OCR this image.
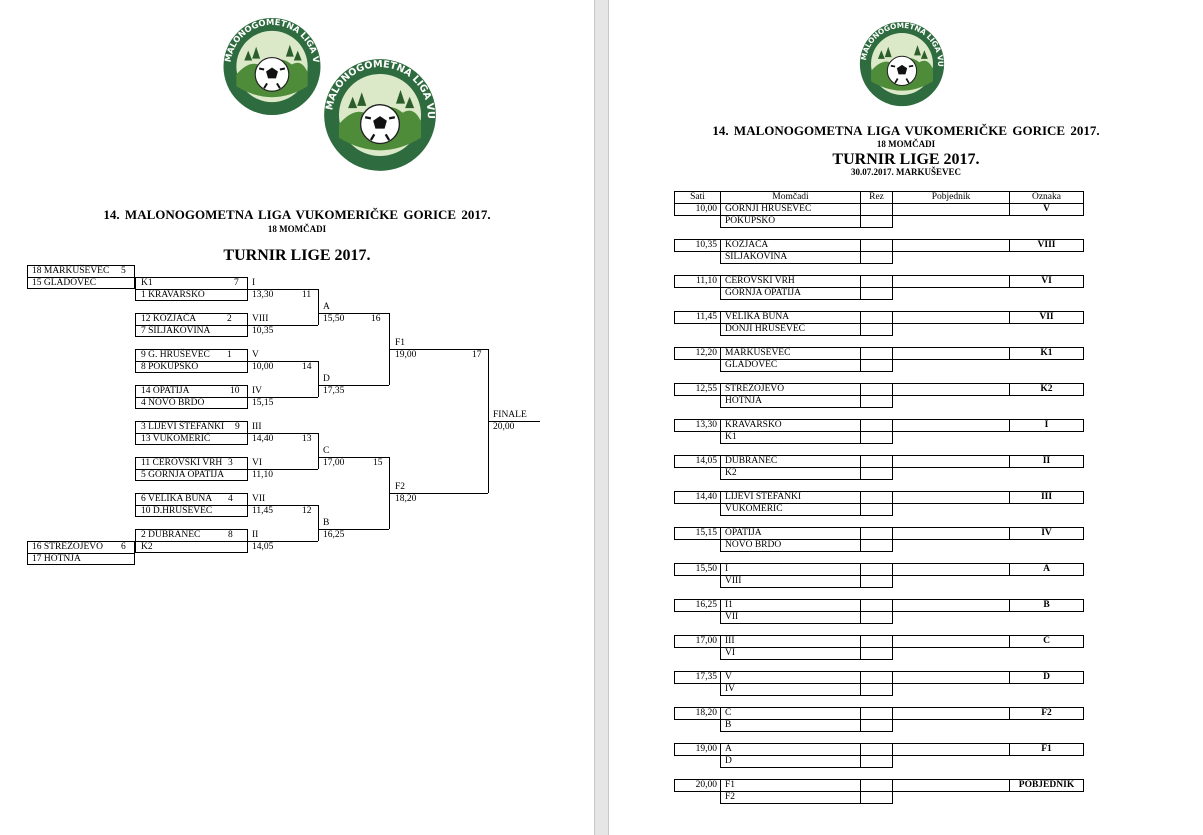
14. MALONOGOMETNA LIGA VUKOMERIČKE GORICE 2017.
18 MOMČADI
TURNIR LIGE 2017.
18 MARKUŠEVEC 5
15 GLADOVEC
16 STREZOJEVO 6
17 HOTNJA
K1	7
1 KRAVARSKO
12 KOZJAČA	2
7 ŠILJAKOVINA
9 G. HRUŠEVEC 1
8 POKUPSKO
14 OPATIJA	10
4 NOVO BRDO
3 LIJEVI ŠTEFANKI 9
13 VUKOMERIĆ
11 CEROVSKI VRH 3
5 GORNJA OPATIJA
6 VELIKA BUNA 4
10 D.HRUŠEVEC
2 DUBRANEC	8
K2
I
13,30	11
VIII
10,35
V
10,00	14
IV
15,15
III
14,40	13
VI
11,10
VII
11,45	12
II
14,05
A
15,50	16
D
17,35
C
17,00	15
B
16,25
F1
19,00	17
F2
18,20
FINALE
20,00
14. MALONOGOMETNA LIGA VUKOMERIČKE GORICE 2017.
18 MOMČADI
TURNIR LIGE 2017.
30.07.2017. MARKUŠEVEC
Sati	Momčadi	Rez	Pobjednik	Oznaka
10,00 GORNJI HRUŠEVEC	V
POKUPSKO
10,35 KOZJAČA	VIII
ŠILJAKOVINA
11,10 CEROVSKI VRH	VI
GORNJA OPATIJA
11,45 VELIKA BUNA	VII
DONJI HRUŠEVEC
12,20 MARKUŠEVEC	K1
GLADOVEC
12,55 STREZOJEVO	K2
HOTNJA
13,30 KRAVARSKO	I
K1
14,05 DUBRANEC	II
K2
14,40 LIJEVI ŠTEFANKI	III
VUKOMERIĆ
15,15 OPATIJA	IV
NOVO BRDO
15,50 I	A
VIII
16,25 I1	B
VII
17,00 III	C
VI
17,35 V	D
IV
18,20 C	F2
B
19,00 A	F1
D
20,00 F1	POBJEDNIK
F2
